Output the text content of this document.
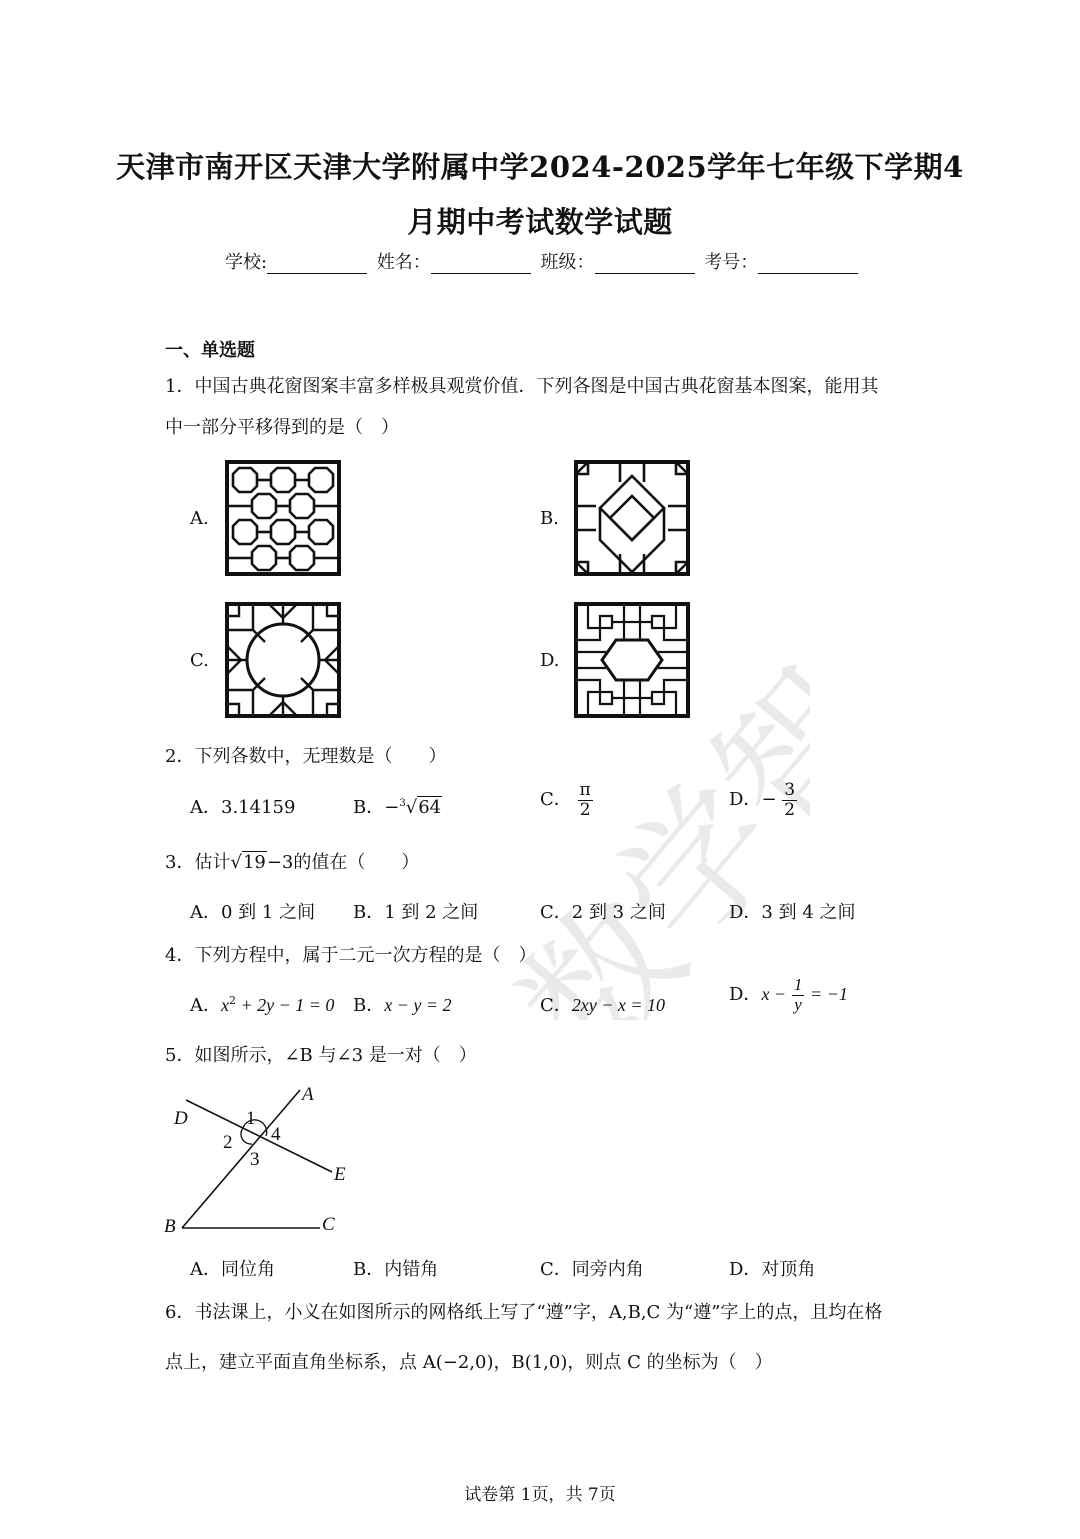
数学智库
天津市南开区天津大学附属中学2024-2025学年七年级下学期4
月期中考试数学试题
学校:	姓名：	班级：	考号：
一、单选题
1．中国古典花窗图案丰富多样极具观赏价值．下列各图是中国古典花窗基本图案，能用其
中一部分平移得到的是（　）
A.	B.
C.	D.
2．下列各数中，无理数是（　　）
A．3.14159	B．−$^3$√64	C． $\frac{\pi}{2}$	D．− $\frac{3}{2}$
3．估计√19−3的值在（　　）
A．0 到 1 之间 B．1 到 2 之间	C．2 到 3 之间	D．3 到 4 之间
4．下列方程中，属于二元一次方程的是（　）
A．$x^2 + 2y - 1 = 0$ B．x − y = 2	C．2xy − x = 10	D．$x - \frac{1}{y} = -1$
5．如图所示，∠B 与∠3 是一对（　）
A
B	C
D
E
1
2
3
4
A．同位角	B．内错角	C．同旁内角	D．对顶角
6．书法课上，小义在如图所示的网格纸上写了“遵”字，A,B,C 为“遵”字上的点，且均在格
点上，建立平面直角坐标系，点 A(−2,0)，B(1,0)，则点 C 的坐标为（　）
试卷第 1页，共 7页
